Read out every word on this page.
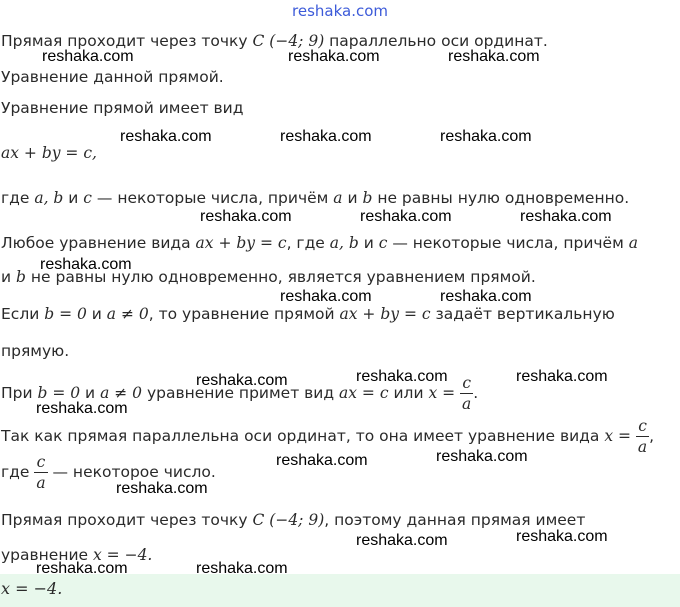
reshaka.com
Прямая проходит через точку C (−4; 9) параллельно оси ординат.
Уравнение данной прямой.
Уравнение прямой имеет вид
ax + by = c,
где a, b и c — некоторые числа, причём a и b не равны нулю одновременно.
Любое уравнение вида ax + by = c, где a, b и c — некоторые числа, причём a
и b не равны нулю одновременно, является уравнением прямой.
Если b = 0 и a ≠ 0, то уравнение прямой ax + by = c задаёт вертикальную
прямую.
При b = 0 и a ≠ 0 уравнение примет вид ax = c или $x = \frac{c}{a}$ .
Так как прямая параллельна оси ординат, то она имеет уравнение вида $x = \frac{c}{a}$ ,
где $\frac{c}{a}$ — некоторое число.
Прямая проходит через точку C (−4; 9), поэтому данная прямая имеет
уравнение x = −4.
x = −4.
reshaka.com	reshaka.com	reshaka.com
reshaka.com	reshaka.com	reshaka.com
reshaka.com	reshaka.com	reshaka.com
reshaka.com
reshaka.com	reshaka.com
reshaka.com	reshaka.com	reshaka.com
reshaka.com
reshaka.com	reshaka.com
reshaka.com
reshaka.com	reshaka.com
reshaka.com	reshaka.com
